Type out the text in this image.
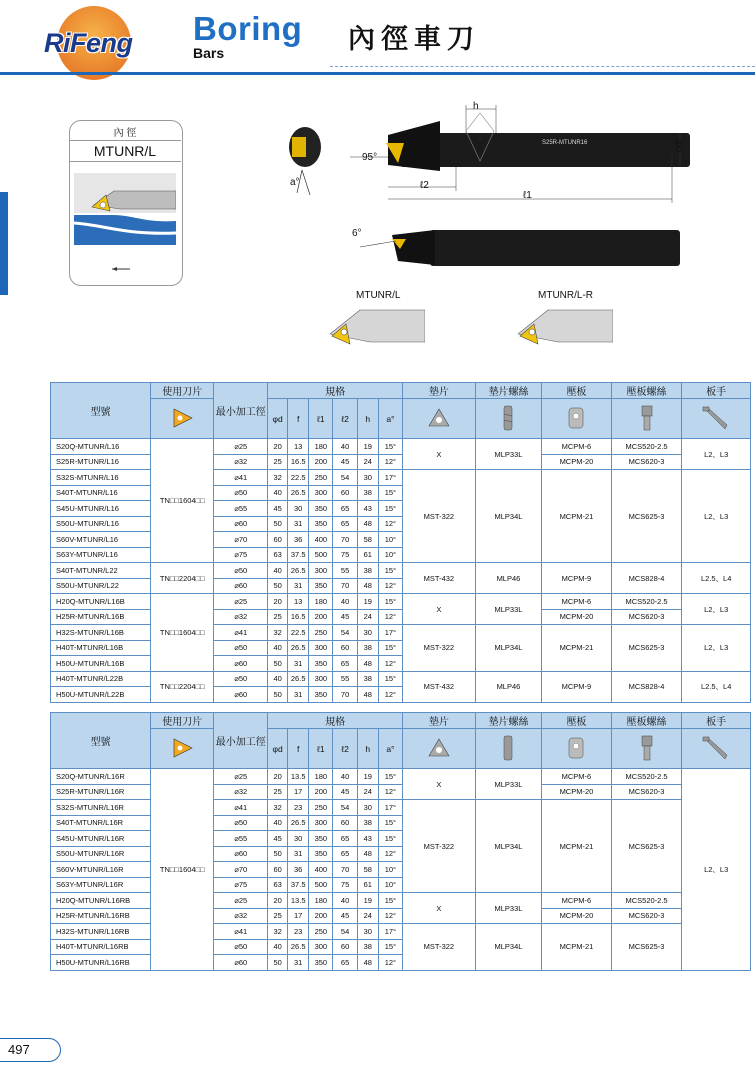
RiFeng Boring
Bars	內徑車刀
內 徑
MTUNR/L	S25R-MTUNR16
h
95°
a°	ℓ2
ℓ1
φd
6°
MTUNR/L	MTUNR/L-R
型號	使用刀片	最小加工徑	規格						墊片	墊片螺絲	壓板	壓板螺絲	板手
	φd	f	ℓ1	ℓ2	h	a°					
S20Q-MTUNR/L16	TN□□1604□□	⌀25	20	13	180	40	19	15°	X	MLP33L	MCPM-6	MCS520-2.5	L2、L3
S25R-MTUNR/L16		⌀32	25	16.5	200	45	24	12°			MCPM-20	MCS620-3	
S32S-MTUNR/L16		⌀41	32	22.5	250	54	30	17°	MST-322	MLP34L	MCPM-21	MCS625-3	L2、L3
S40T-MTUNR/L16		⌀50	40	26.5	300	60	38	15°					
S45U-MTUNR/L16		⌀55	45	30	350	65	43	15°					
S50U-MTUNR/L16		⌀60	50	31	350	65	48	12°					
S60V-MTUNR/L16		⌀70	60	36	400	70	58	10°					
S63Y-MTUNR/L16		⌀75	63	37.5	500	75	61	10°					
S40T-MTUNR/L22	TN□□2204□□	⌀50	40	26.5	300	55	38	15°	MST-432	MLP46	MCPM-9	MCS828-4	L2.5、L4
S50U-MTUNR/L22		⌀60	50	31	350	70	48	12°					
H20Q-MTUNR/L16B	TN□□1604□□	⌀25	20	13	180	40	19	15°	X	MLP33L	MCPM-6	MCS520-2.5	L2、L3
H25R-MTUNR/L16B		⌀32	25	16.5	200	45	24	12°			MCPM-20	MCS620-3	
H32S-MTUNR/L16B		⌀41	32	22.5	250	54	30	17°	MST-322	MLP34L	MCPM-21	MCS625-3	L2、L3
H40T-MTUNR/L16B		⌀50	40	26.5	300	60	38	15°					
H50U-MTUNR/L16B		⌀60	50	31	350	65	48	12°					
H40T-MTUNR/L22B	TN□□2204□□	⌀50	40	26.5	300	55	38	15°	MST-432	MLP46	MCPM-9	MCS828-4	L2.5、L4
H50U-MTUNR/L22B		⌀60	50	31	350	70	48	12°					
型號	使用刀片	最小加工徑	規格						墊片	墊片螺絲	壓板	壓板螺絲	板手
	φd	f	ℓ1	ℓ2	h	a°					
S20Q-MTUNR/L16R	TN□□1604□□	⌀25	20	13.5	180	40	19	15°	X	MLP33L	MCPM-6	MCS520-2.5	L2、L3
S25R-MTUNR/L16R		⌀32	25	17	200	45	24	12°			MCPM-20	MCS620-3	
S32S-MTUNR/L16R		⌀41	32	23	250	54	30	17°	MST-322	MLP34L	MCPM-21	MCS625-3	
S40T-MTUNR/L16R		⌀50	40	26.5	300	60	38	15°					
S45U-MTUNR/L16R		⌀55	45	30	350	65	43	15°					
S50U-MTUNR/L16R		⌀60	50	31	350	65	48	12°					
S60V-MTUNR/L16R		⌀70	60	36	400	70	58	10°					
S63Y-MTUNR/L16R		⌀75	63	37.5	500	75	61	10°					
H20Q-MTUNR/L16RB		⌀25	20	13.5	180	40	19	15°	X	MLP33L	MCPM-6	MCS520-2.5	
H25R-MTUNR/L16RB		⌀32	25	17	200	45	24	12°			MCPM-20	MCS620-3	
H32S-MTUNR/L16RB		⌀41	32	23	250	54	30	17°	MST-322	MLP34L	MCPM-21	MCS625-3	
H40T-MTUNR/L16RB		⌀50	40	26.5	300	60	38	15°					
H50U-MTUNR/L16RB		⌀60	50	31	350	65	48	12°					
497
